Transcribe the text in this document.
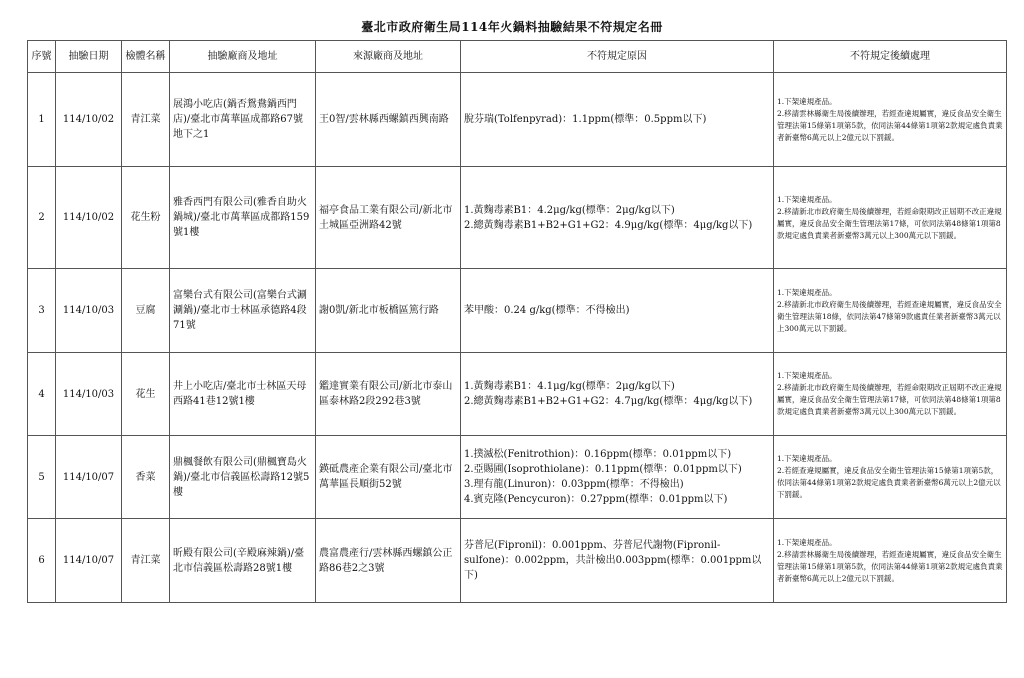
臺北市政府衛生局114年火鍋料抽驗結果不符規定名冊
序號	抽驗日期	檢體名稱	抽驗廠商及地址	來源廠商及地址	不符規定原因	不符規定後續處理
1	114/10/02	青江菜	展鴻小吃店(鍋否鴛鴦鍋西門店)/臺北市萬華區成都路67號地下之1	王0智/雲林縣西螺鎮西興南路	脫芬瑞(Tolfenpyrad)：1.1ppm(標準：0.5ppm以下)	1.下架違規產品。
2.移請雲林縣衛生局後續辦理，若經查違規屬實，違反食品安全衛生管理法第15條第1項第5款，依同法第44條第1項第2款規定處負責業者新臺幣6萬元以上2億元以下罰鍰。

2	114/10/02	花生粉	雅香西門有限公司(雅香自助火鍋城)/臺北市萬華區成都路159號1樓	福亭食品工業有限公司/新北市土城區亞洲路42號	1.黃麴毒素B1：4.2μg/kg(標準：2μg/kg以下)
2.總黃麴毒素B1+B2+G1+G2：4.9μg/kg(標準：4μg/kg以下)	1.下架違規產品。
2.移請新北市政府衛生局後續辦理，若經命限期改正屆期不改正違規屬實，違反食品安全衛生管理法第17條，可依同法第48條第1項第8款規定處負責業者新臺幣3萬元以上300萬元以下罰鍰。

3	114/10/03	豆腐	富樂台式有限公司(富樂台式涮涮鍋)/臺北市士林區承德路4段71號	謝0凱/新北市板橋區篤行路	苯甲酸：0.24 g/kg(標準：不得檢出)	1.下架違規產品。
2.移請新北市政府衛生局後續辦理，若經查違規屬實，違反食品安全衛生管理法第18條，依同法第47條第9款處責任業者新臺幣3萬元以上300萬元以下罰鍰。

4	114/10/03	花生	井上小吃店/臺北市士林區天母西路41巷12號1樓	鑑達實業有限公司/新北市泰山區泰林路2段292巷3號	1.黃麴毒素B1：4.1μg/kg(標準：2μg/kg以下)
2.總黃麴毒素B1+B2+G1+G2：4.7μg/kg(標準：4μg/kg以下)	1.下架違規產品。
2.移請新北市政府衛生局後續辦理，若經命限期改正屆期不改正違規屬實，違反食品安全衛生管理法第17條，可依同法第48條第1項第8款規定處負責業者新臺幣3萬元以上300萬元以下罰鍰。

5	114/10/07	香菜	鼎楓餐飲有限公司(鼎楓寶島火鍋)/臺北市信義區松壽路12號5樓	鍈砥農產企業有限公司/臺北市萬華區長順街52號	1.撲滅松(Fenitrothion)：0.16ppm(標準：0.01ppm以下)
2.亞賜圃(Isoprothiolane)：0.11ppm(標準：0.01ppm以下)
3.理有龍(Linuron)：0.03ppm(標準：不得檢出)
4.賓克隆(Pencycuron)：0.27ppm(標準：0.01ppm以下)	1.下架違規產品。
2.若經查違規屬實，違反食品安全衛生管理法第15條第1項第5款，依同法第44條第1項第2款規定處負責業者新臺幣6萬元以上2億元以下罰鍰。

6	114/10/07	青江菜	昕殿有限公司(辛殿麻辣鍋)/臺北市信義區松壽路28號1樓	農富農產行/雲林縣西螺鎮公正路86巷2之3號	芬普尼(Fipronil)：0.001ppm、芬普尼代謝物(Fipronil-sulfone)：0.002ppm，共計檢出0.003ppm(標準：0.001ppm以下)	1.下架違規產品。
2.移請雲林縣衛生局後續辦理，若經查違規屬實，違反食品安全衛生管理法第15條第1項第5款，依同法第44條第1項第2款規定處負責業者新臺幣6萬元以上2億元以下罰鍰。
